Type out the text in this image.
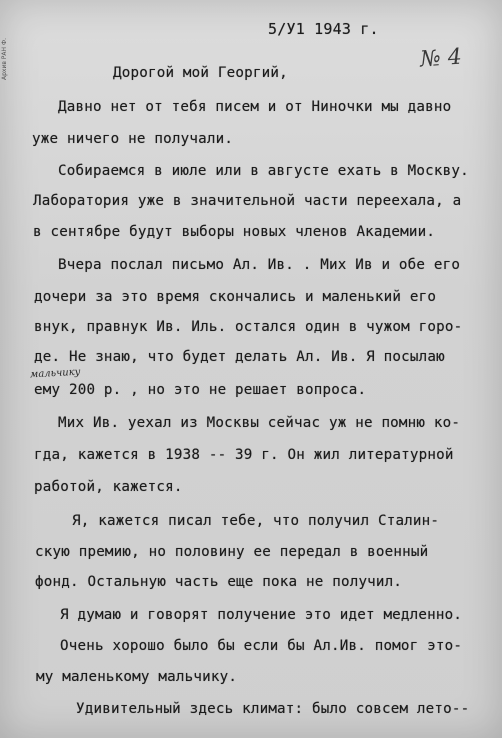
Архив РАН Ф.
5/У1 1943 г.
№ 4
Дорогой мой Георгий,
Давно нет от тебя писем и от Ниночки мы давно
уже ничего не получали.
Собираемся в июле или в августе ехать в Москву.
Лаборатория уже в значительной части переехала, а
в сентябре будут выборы новых членов Академии.
Вчера послал письмо Ал. Ив. . Мих Ив и обе его
дочери за это время скончались и маленький его
внук, правнук Ив. Иль. остался один в чужом горо-
де. Не знаю, что будет делать Ал. Ив. Я посылаю
мальчику
ему 200 р. , но это не решает вопроса.
Мих Ив. уехал из Москвы сейчас уж не помню ко-
гда, кажется в 1938 -- 39 г. Он жил литературной
работой, кажется.
Я, кажется писал тебе, что получил Сталин-
скую премию, но половину ее передал в военный
фонд. Остальную часть еще пока не получил.
Я думаю и говорят получение это идет медленно.
Очень хорошо было бы если бы Ал.Ив. помог это-
му маленькому мальчику.
Удивительный здесь климат: было совсем лето--
